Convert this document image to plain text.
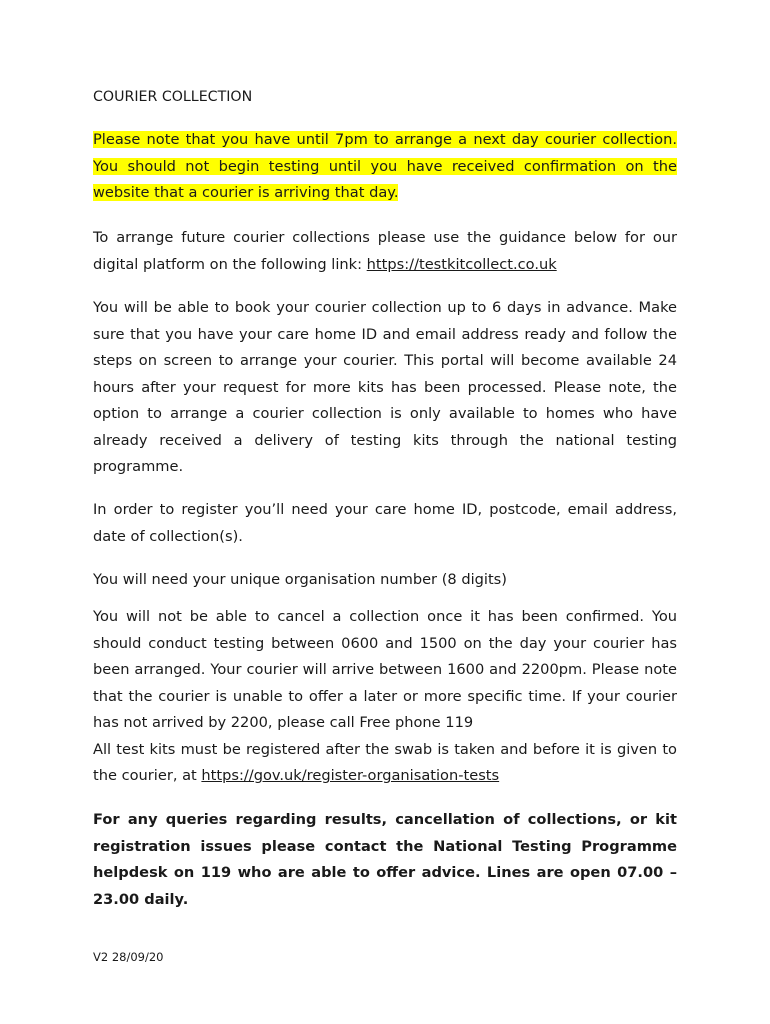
COURIER COLLECTION

Please note that you have until 7pm to arrange a next day courier collection. You should not begin testing until you have received confirmation on the website that a courier is arriving that day.

To arrange future courier collections please use the guidance below for our digital platform on the following link: https://testkitcollect.co.uk

You will be able to book your courier collection up to 6 days in advance. Make sure that you have your care home ID and email address ready and follow the steps on screen to arrange your courier. This portal will become available 24 hours after your request for more kits has been processed. Please note, the option to arrange a courier collection is only available to homes who have already received a delivery of testing kits through the national testing programme.

In order to register you’ll need your care home ID, postcode, email address, date of collection(s).

You will need your unique organisation number (8 digits)

You will not be able to cancel a collection once it has been confirmed. You should conduct testing between 0600 and 1500 on the day your courier has been arranged. Your courier will arrive between 1600 and 2200pm. Please note that the courier is unable to offer a later or more specific time. If your courier has not arrived by 2200, please call Free phone 119
All test kits must be registered after the swab is taken and before it is given to the courier, at https://gov.uk/register-organisation-tests

For any queries regarding results, cancellation of collections, or kit registration issues please contact the National Testing Programme helpdesk on 119 who are able to offer advice. Lines are open 07.00 – 23.00 daily.

V2 28/09/20
